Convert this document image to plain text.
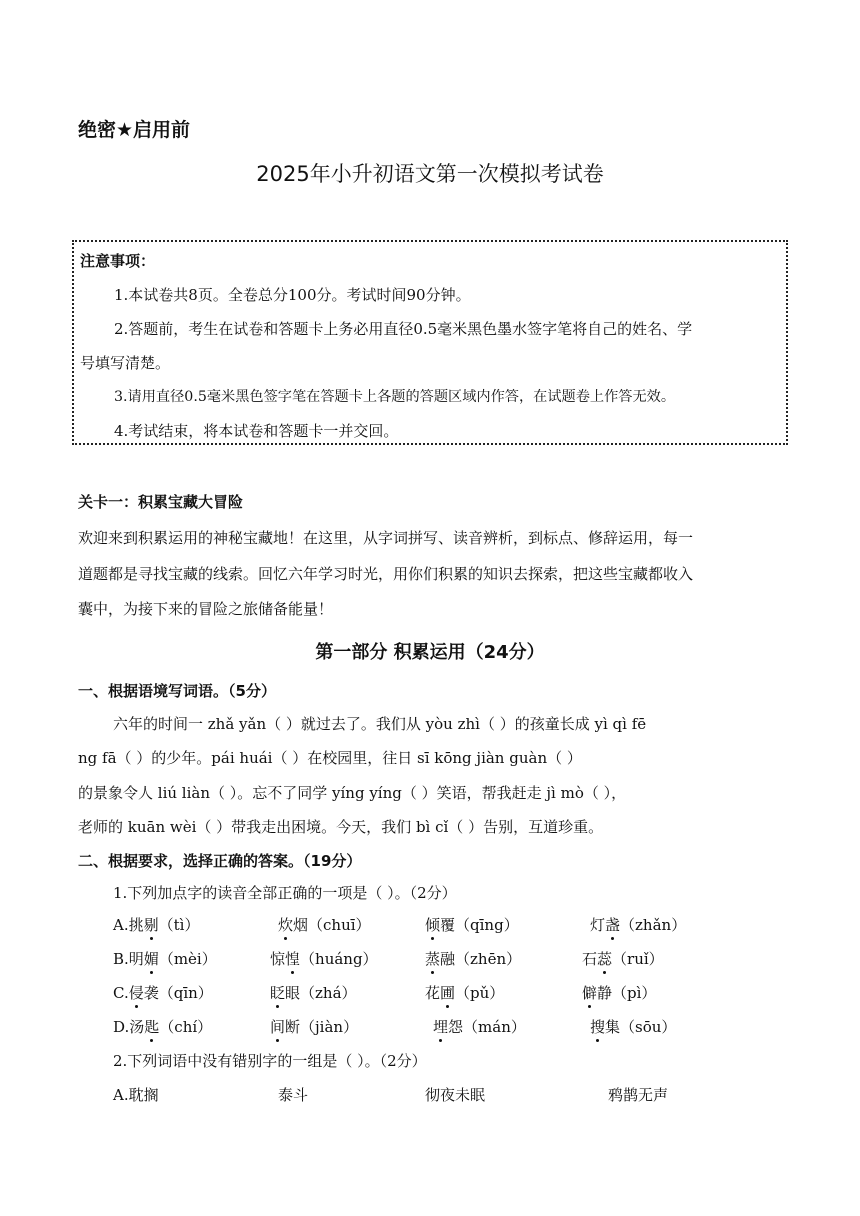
绝密★启用前
2025年小升初语文第一次模拟考试卷
注意事项：
1.本试卷共8页。全卷总分100分。考试时间90分钟。
2.答题前，考生在试卷和答题卡上务必用直径0.5毫米黑色墨水签字笔将自己的姓名、学
号填写清楚。
3.请用直径0.5毫米黑色签字笔在答题卡上各题的答题区域内作答，在试题卷上作答无效。
4.考试结束，将本试卷和答题卡一并交回。
关卡一：积累宝藏大冒险
欢迎来到积累运用的神秘宝藏地！在这里，从字词拼写、读音辨析，到标点、修辞运用，每一
道题都是寻找宝藏的线索。回忆六年学习时光，用你们积累的知识去探索，把这些宝藏都收入
囊中，为接下来的冒险之旅储备能量！
第一部分 积累运用（24分）
一、根据语境写词语。（5分）
六年的时间一 zhǎ yǎn（ ）就过去了。我们从 yòu zhì（ ）的孩童长成 yì qì fē
ng fā（ ）的少年。pái huái（ ）在校园里，往日 sī kōng jiàn guàn（ ）
的景象令人 liú liàn（ ）。忘不了同学 yíng yíng（ ）笑语，帮我赶走 jì mò（ ），
老师的 kuān wèi（ ）带我走出困境。今天，我们 bì cǐ（ ）告别，互道珍重。
二、根据要求，选择正确的答案。（19分）
1.下列加点字的读音全部正确的一项是（ ）。（2分）
A.挑剔（tì）	炊烟（chuī）	倾覆（qīng）	灯盏（zhǎn）
B.明媚（mèi）	惊惶（huáng）	蒸融（zhēn）	石蕊（ruǐ）
C.侵袭（qīn）	眨眼（zhá）	花圃（pǔ）	僻静（pì）
D.汤匙（chí）	间断（jiàn）	埋怨（mán）	搜集（sōu）
2.下列词语中没有错别字的一组是（ ）。（2分）
A.耽搁	泰斗	彻夜未眠	鸦鹊无声
